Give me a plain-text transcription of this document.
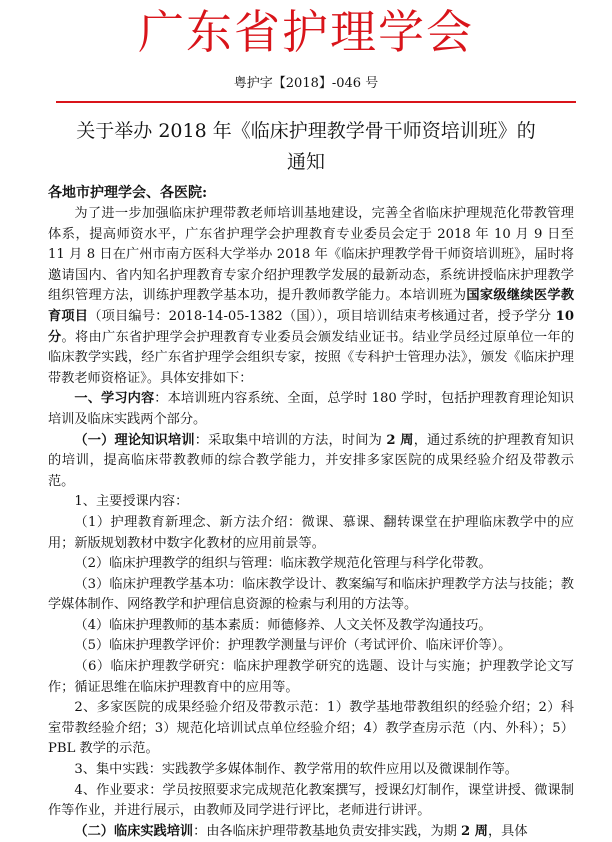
广东省护理学会
粤护字【2018】-046 号
关于举办 2018 年《临床护理教学骨干师资培训班》的
通知
各地市护理学会、各医院:

为了进一步加强临床护理带教老师培训基地建设，完善全省临床护理规范化带教管理体系，提高师资水平，广东省护理学会护理教育专业委员会定于 2018 年 10 月 9 日至 11 月 8 日在广州市南方医科大学举办 2018 年《临床护理教学骨干师资培训班》，届时将邀请国内、省内知名护理教育专家介绍护理教学发展的最新动态，系统讲授临床护理教学组织管理方法，训练护理教学基本功，提升教师教学能力。本培训班为国家级继续医学教育项目（项目编号：2018-14-05-1382（国）），项目培训结束考核通过者，授予学分 10 分。将由广东省护理学会护理教育专业委员会颁发结业证书。结业学员经过原单位一年的临床教学实践，经广东省护理学会组织专家，按照《专科护士管理办法》，颁发《临床护理带教老师资格证》。具体安排如下：

一、学习内容：本培训班内容系统、全面，总学时 180 学时，包括护理教育理论知识培训及临床实践两个部分。

（一）理论知识培训：采取集中培训的方法，时间为 2 周，通过系统的护理教育知识的培训，提高临床带教教师的综合教学能力，并安排多家医院的成果经验介绍及带教示范。

1、主要授课内容：

（1）护理教育新理念、新方法介绍：微课、慕课、翻转课堂在护理临床教学中的应用；新版规划教材中数字化教材的应用前景等。

（2）临床护理教学的组织与管理：临床教学规范化管理与科学化带教。

（3）临床护理教学基本功：临床教学设计、教案编写和临床护理教学方法与技能；教学媒体制作、网络教学和护理信息资源的检索与利用的方法等。

（4）临床护理教师的基本素质：师德修养、人文关怀及教学沟通技巧。

（5）临床护理教学评价：护理教学测量与评价（考试评价、临床评价等）。

（6）临床护理教学研究：临床护理教学研究的选题、设计与实施；护理教学论文写作；循证思维在临床护理教育中的应用等。

2、多家医院的成果经验介绍及带教示范：1）教学基地带教组织的经验介绍；2）科室带教经验介绍；3）规范化培训试点单位经验介绍；4）教学查房示范（内、外科）；5）PBL 教学的示范。

3、集中实践：实践教学多媒体制作、教学常用的软件应用以及微课制作等。

4、作业要求：学员按照要求完成规范化教案撰写，授课幻灯制作，课堂讲授、微课制作等作业，并进行展示，由教师及同学进行评比，老师进行讲评。

（二）临床实践培训：由各临床护理带教基地负责安排实践，为期 2 周，具体
